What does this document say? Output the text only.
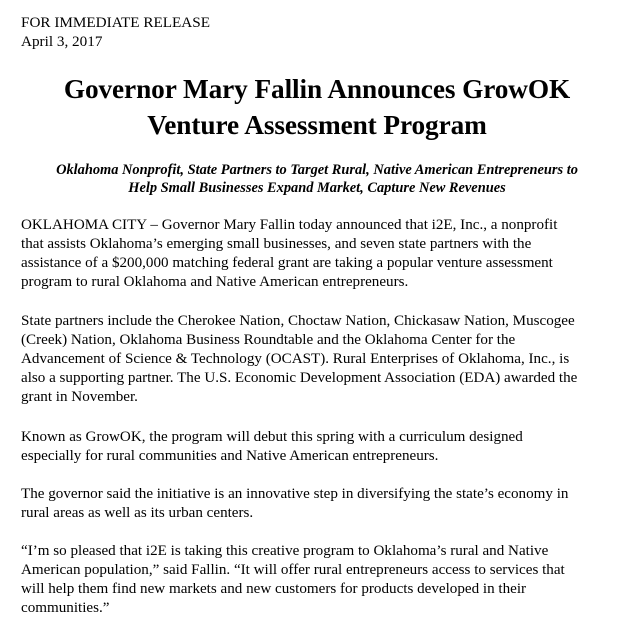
FOR IMMEDIATE RELEASE
April 3, 2017
Governor Mary Fallin Announces GrowOK
Venture Assessment Program
Oklahoma Nonprofit, State Partners to Target Rural, Native American Entrepreneurs to
Help Small Businesses Expand Market, Capture New Revenues
OKLAHOMA CITY – Governor Mary Fallin today announced that i2E, Inc., a nonprofit
that assists Oklahoma’s emerging small businesses, and seven state partners with the
assistance of a $200,000 matching federal grant are taking a popular venture assessment
program to rural Oklahoma and Native American entrepreneurs.
State partners include the Cherokee Nation, Choctaw Nation, Chickasaw Nation, Muscogee
(Creek) Nation, Oklahoma Business Roundtable and the Oklahoma Center for the
Advancement of Science & Technology (OCAST). Rural Enterprises of Oklahoma, Inc., is
also a supporting partner. The U.S. Economic Development Association (EDA) awarded the
grant in November.
Known as GrowOK, the program will debut this spring with a curriculum designed
especially for rural communities and Native American entrepreneurs.
The governor said the initiative is an innovative step in diversifying the state’s economy in
rural areas as well as its urban centers.
“I’m so pleased that i2E is taking this creative program to Oklahoma’s rural and Native
American population,” said Fallin. “It will offer rural entrepreneurs access to services that
will help them find new markets and new customers for products developed in their
communities.”
